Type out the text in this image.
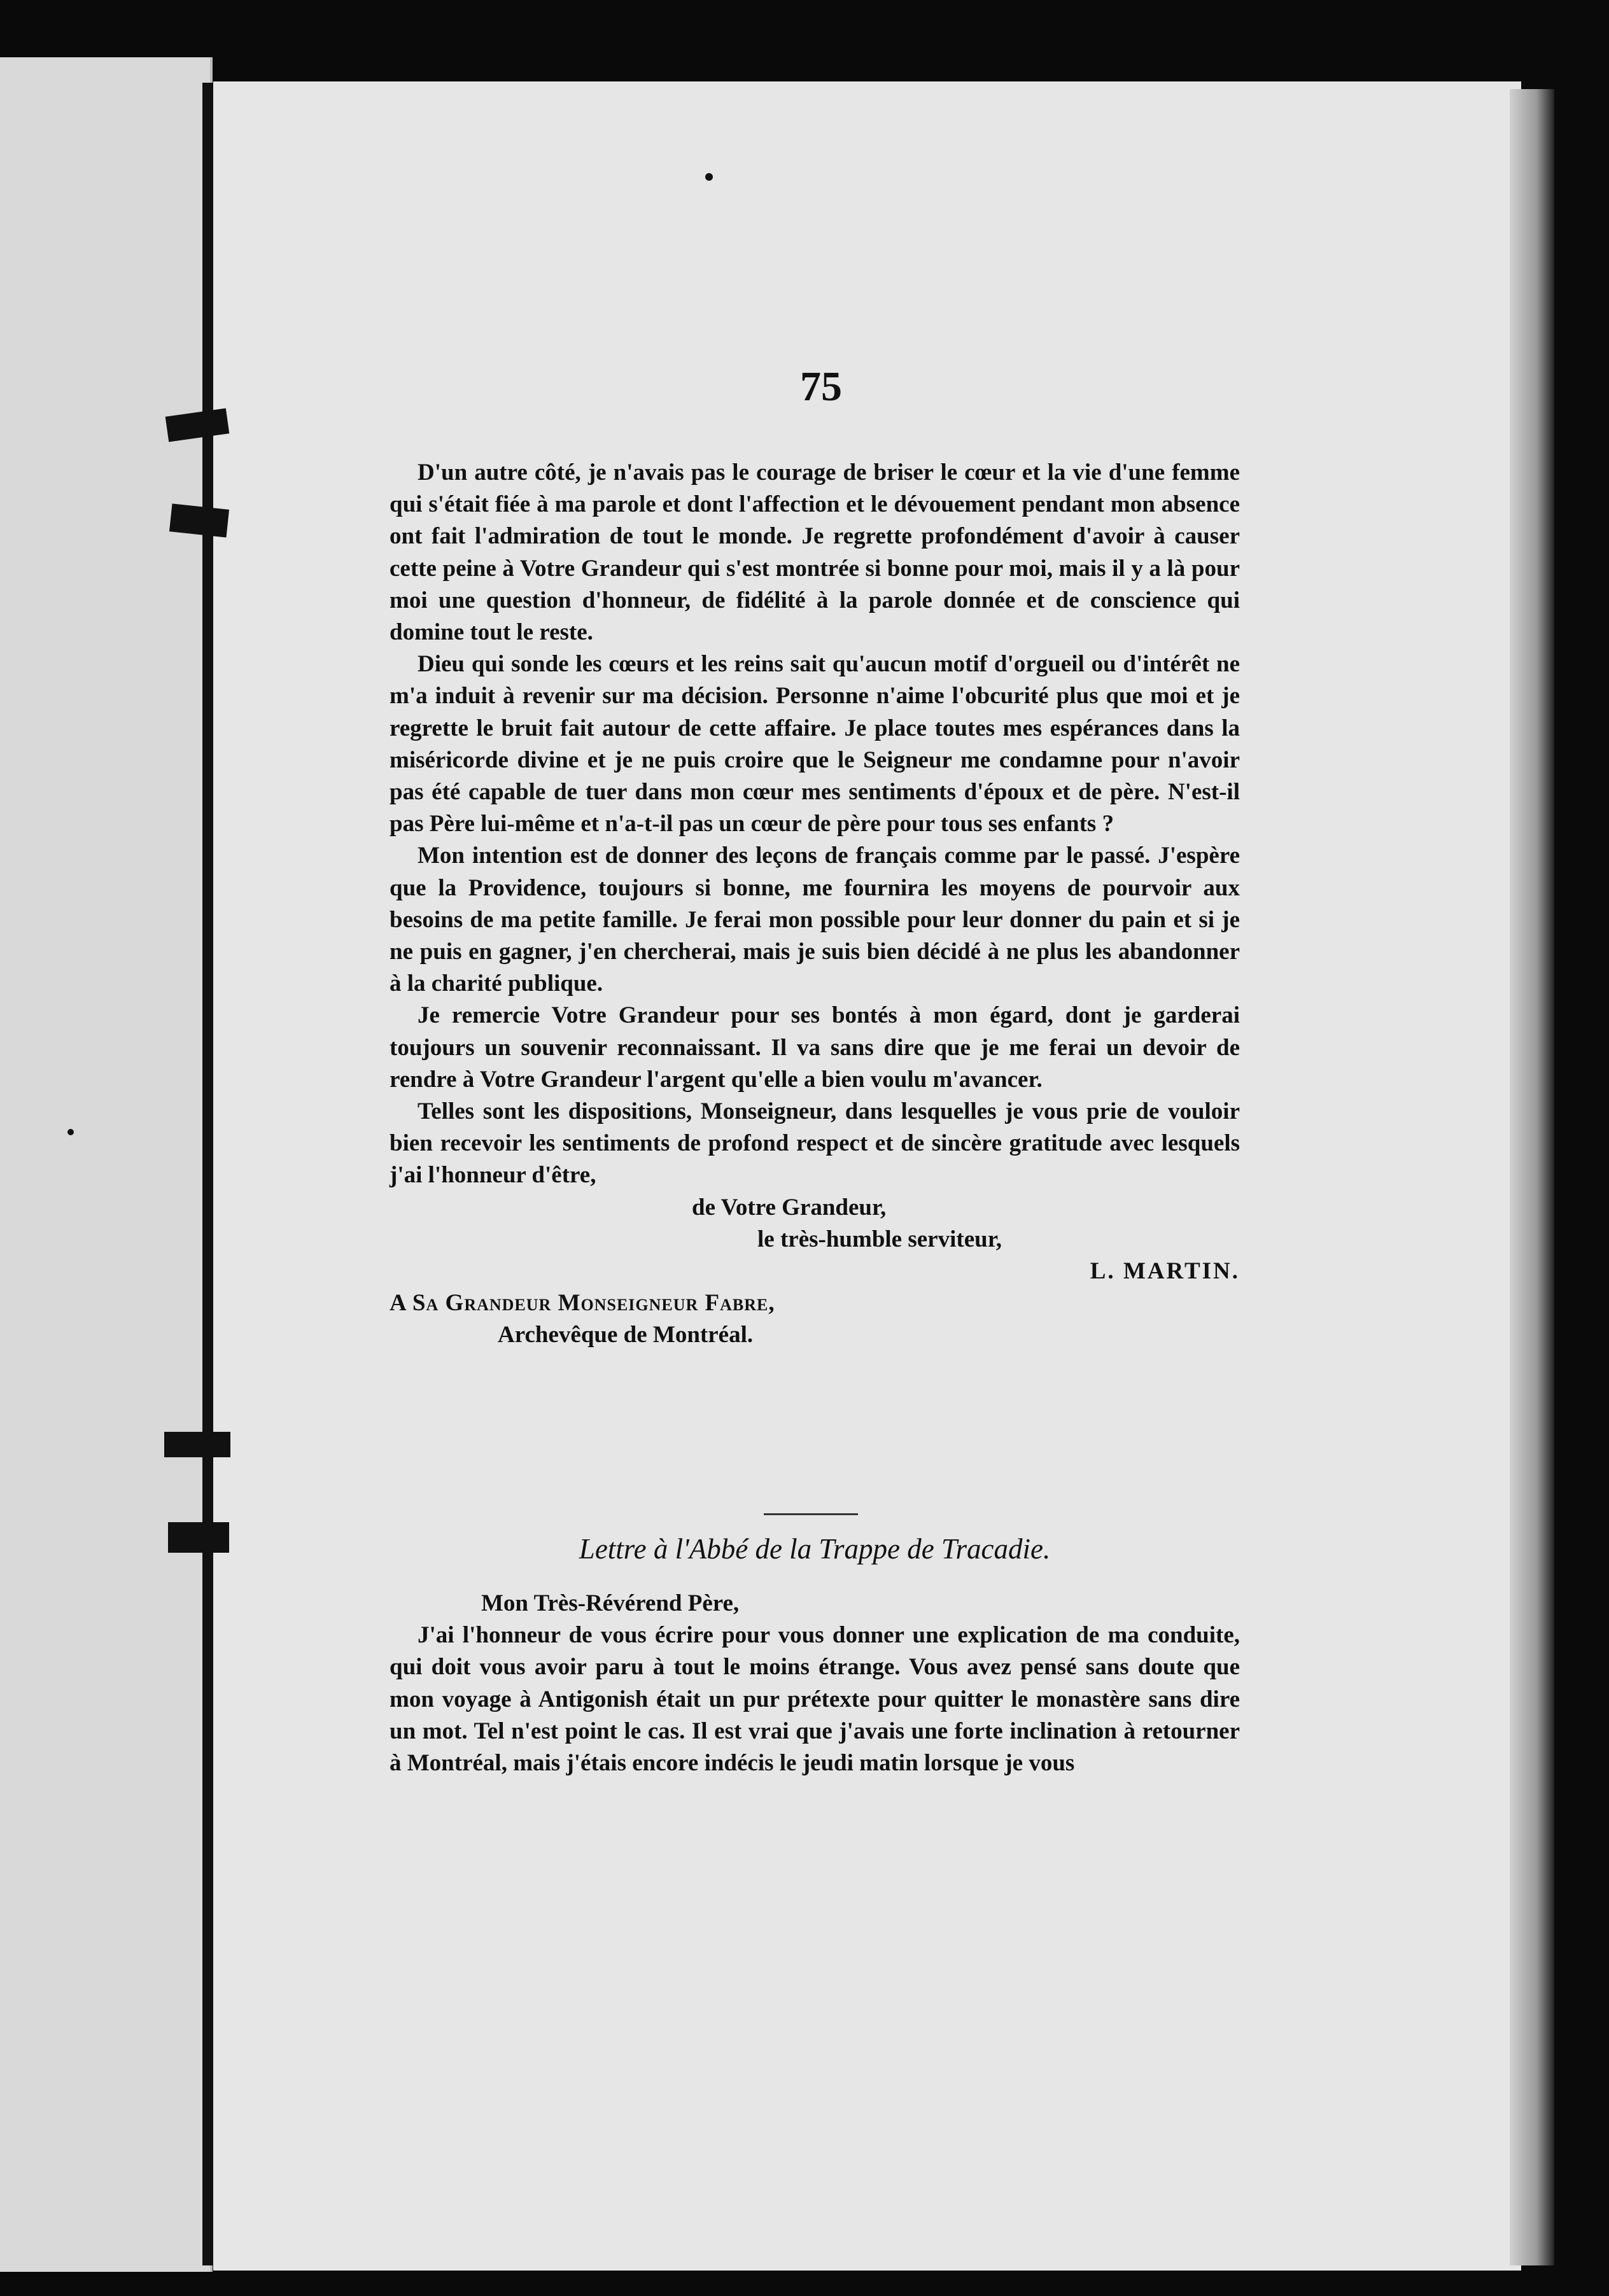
75

D'un autre côté, je n'avais pas le courage de briser le cœur et la vie d'une femme qui s'était fiée à ma parole et dont l'affection et le dévouement pendant mon absence ont fait l'admiration de tout le monde. Je regrette profondément d'avoir à causer cette peine à Votre Grandeur qui s'est montrée si bonne pour moi, mais il y a là pour moi une question d'honneur, de fidélité à la parole donnée et de conscience qui domine tout le reste.

Dieu qui sonde les cœurs et les reins sait qu'aucun motif d'orgueil ou d'intérêt ne m'a induit à revenir sur ma décision. Personne n'aime l'obcurité plus que moi et je regrette le bruit fait autour de cette affaire. Je place toutes mes espérances dans la miséricorde divine et je ne puis croire que le Seigneur me condamne pour n'avoir pas été capable de tuer dans mon cœur mes sentiments d'époux et de père. N'est-il pas Père lui-même et n'a-t-il pas un cœur de père pour tous ses enfants ?

Mon intention est de donner des leçons de français comme par le passé. J'espère que la Providence, toujours si bonne, me fournira les moyens de pourvoir aux besoins de ma petite famille. Je ferai mon possible pour leur donner du pain et si je ne puis en gagner, j'en chercherai, mais je suis bien décidé à ne plus les abandonner à la charité publique.

Je remercie Votre Grandeur pour ses bontés à mon égard, dont je garderai toujours un souvenir reconnaissant. Il va sans dire que je me ferai un devoir de rendre à Votre Grandeur l'argent qu'elle a bien voulu m'avancer.

Telles sont les dispositions, Monseigneur, dans lesquelles je vous prie de vouloir bien recevoir les sentiments de profond respect et de sincère gratitude avec lesquels j'ai l'honneur d'être,

de Votre Grandeur,

le très-humble serviteur,

L. MARTIN.

A Sa Grandeur Monseigneur Fabre,

Archevêque de Montréal.

Lettre à l'Abbé de la Trappe de Tracadie.

Mon Très-Révérend Père,

J'ai l'honneur de vous écrire pour vous donner une explication de ma conduite, qui doit vous avoir paru à tout le moins étrange. Vous avez pensé sans doute que mon voyage à Antigonish était un pur prétexte pour quitter le monastère sans dire un mot. Tel n'est point le cas. Il est vrai que j'avais une forte inclination à retourner à Montréal, mais j'étais encore indécis le jeudi matin lorsque je vous
